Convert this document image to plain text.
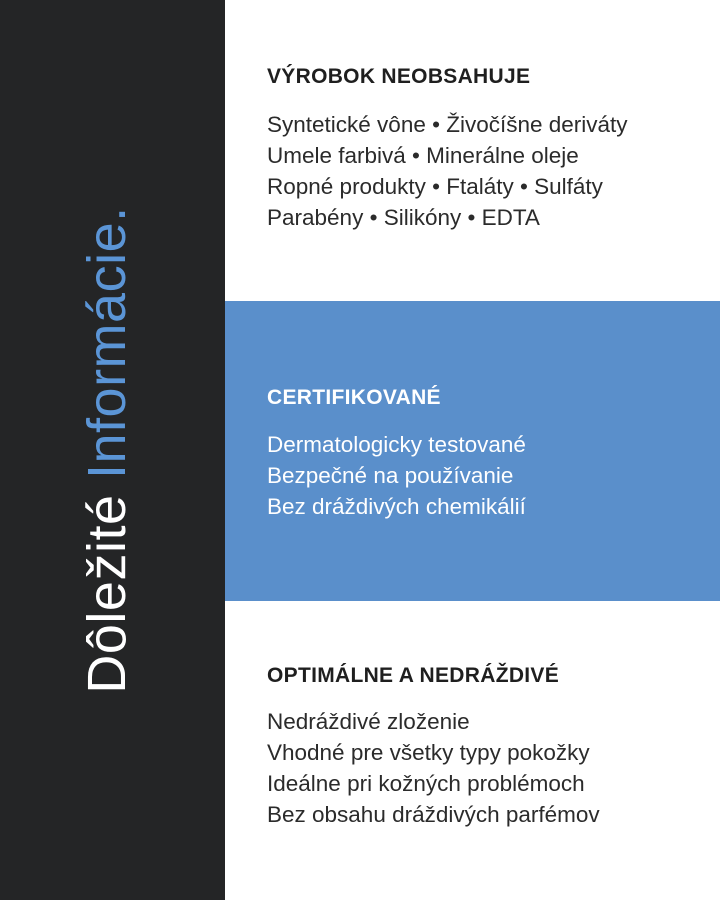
Dôležité Informácie.
VÝROBOK NEOBSAHUJE
Syntetické vône • Živočíšne deriváty
Umele farbivá • Minerálne oleje
Ropné produkty • Ftaláty • Sulfáty
Parabény • Silikóny • EDTA
CERTIFIKOVANÉ
Dermatologicky testované
Bezpečné na používanie
Bez dráždivých chemikálií
OPTIMÁLNE A NEDRÁŽDIVÉ
Nedráždivé zloženie
Vhodné pre všetky typy pokožky
Ideálne pri kožných problémoch
Bez obsahu dráždivých parfémov
